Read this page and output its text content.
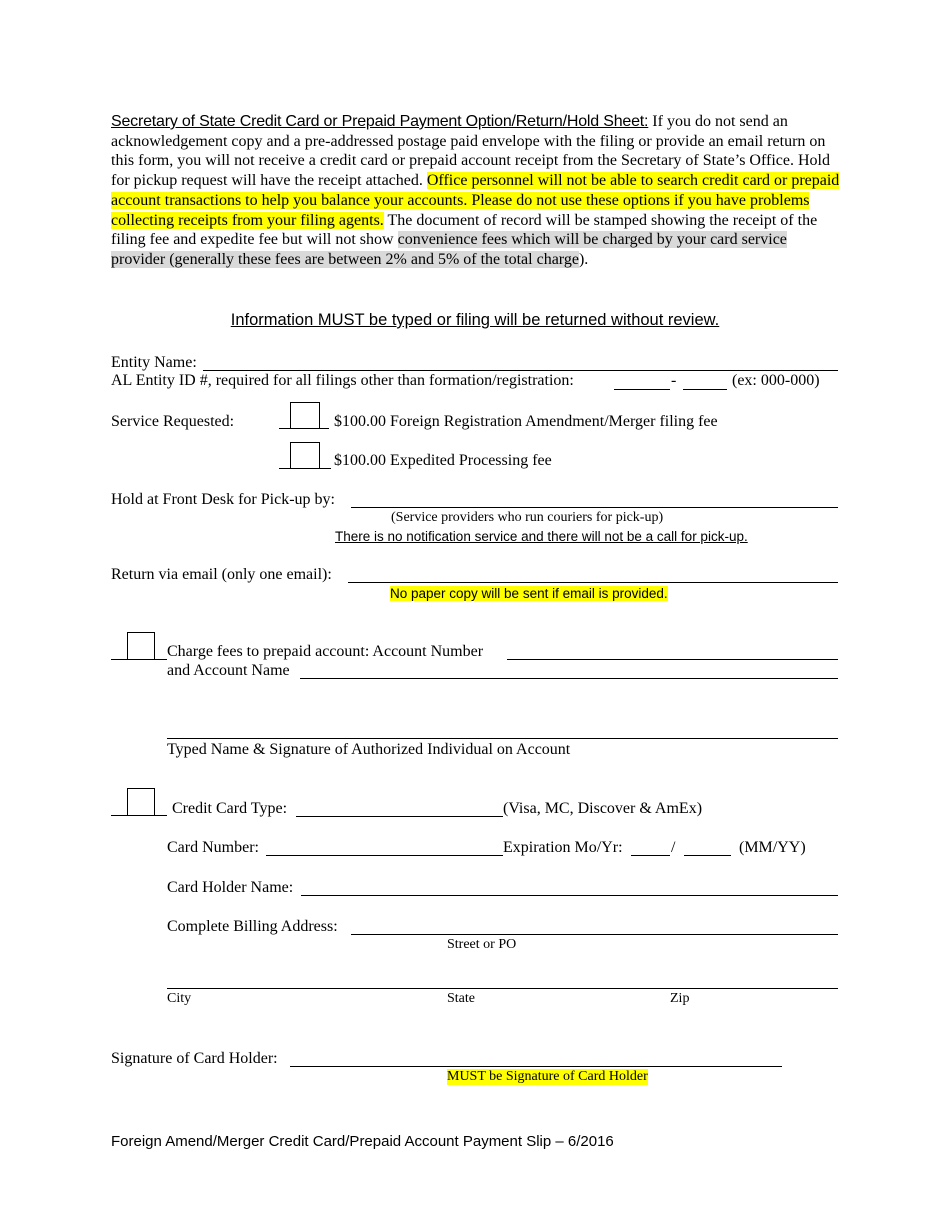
Secretary of State Credit Card or Prepaid Payment Option/Return/Hold Sheet: If you do not send an acknowledgement copy and a pre-addressed postage paid envelope with the filing or provide an email return on this form, you will not receive a credit card or prepaid account receipt from the Secretary of State’s Office. Hold for pickup request will have the receipt attached. Office personnel will not be able to search credit card or prepaid account transactions to help you balance your accounts. Please do not use these options if you have problems collecting receipts from your filing agents. The document of record will be stamped showing the receipt of the filing fee and expedite fee but will not show convenience fees which will be charged by your card service provider (generally these fees are between 2% and 5% of the total charge).
Information MUST be typed or filing will be returned without review.
Entity Name:
AL Entity ID #, required for all filings other than formation/registration:	-	(ex: 000-000)
Service Requested:	$100.00 Foreign Registration Amendment/Merger filing fee
$100.00 Expedited Processing fee
Hold at Front Desk for Pick-up by:
(Service providers who run couriers for pick-up)
There is no notification service and there will not be a call for pick-up.
Return via email (only one email):
No paper copy will be sent if email is provided.
Charge fees to prepaid account: Account Number
and Account Name
Typed Name & Signature of Authorized Individual on Account
Credit Card Type:	(Visa, MC, Discover & AmEx)
Card Number:	Expiration Mo/Yr:	/	(MM/YY)
Card Holder Name:
Complete Billing Address:
Street or PO
City	State	Zip
Signature of Card Holder:
MUST be Signature of Card Holder
Foreign Amend/Merger Credit Card/Prepaid Account Payment Slip – 6/2016
